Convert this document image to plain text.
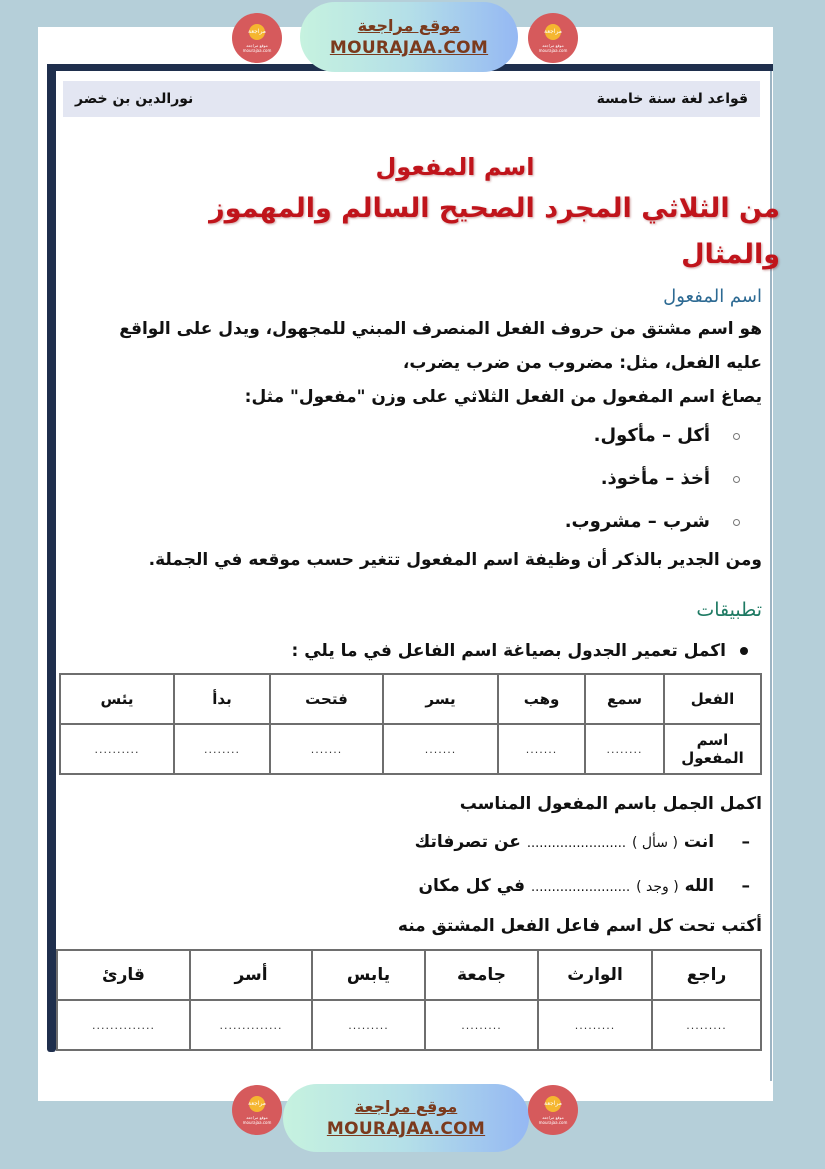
مراجعة
موقع مراجعة
mourajaa.com
موقع مراجعة
MOURAJAA.COM
مراجعة
موقع مراجعة
mourajaa.com
قواعد لغة سنة خامسة
نورالدين بن خضر
اسم المفعول
من الثلاثي المجرد الصحيح السالم والمهموز والمثال
اسم المفعول
هو اسم مشتق من حروف الفعل المنصرف المبني للمجهول، ويدل على الواقع
عليه الفعل، مثل: مضروب من ضرب يضرب،
يصاغ اسم المفعول من الفعل الثلاثي على وزن "مفعول" مثل:
أكل – مأكول.
أخذ – مأخوذ.
شرب – مشروب.
ومن الجدير بالذكر أن وظيفة اسم المفعول تتغير حسب موقعه في الجملة.
تطبيقات
اكمل تعمير الجدول بصياغة اسم الفاعل في ما يلي :
الفعل	سمع	وهب	يسر	فتحت	بدأ	يئس
اسم المفعول	........	.......	.......	.......	........	..........
اكمل الجمل باسم المفعول المناسب
– انت ( سأل ) ........................ عن تصرفاتك
– الله ( وجد ) ........................ في كل مكان
أكتب تحت كل اسم فاعل الفعل المشتق منه
راجع	الوارث	جامعة	يابس	أسر	قارئ
.........	.........	.........	.........	..............	..............
مراجعة
موقع مراجعة
mourajaa.com
موقع مراجعة
MOURAJAA.COM
مراجعة
موقع مراجعة
mourajaa.com
